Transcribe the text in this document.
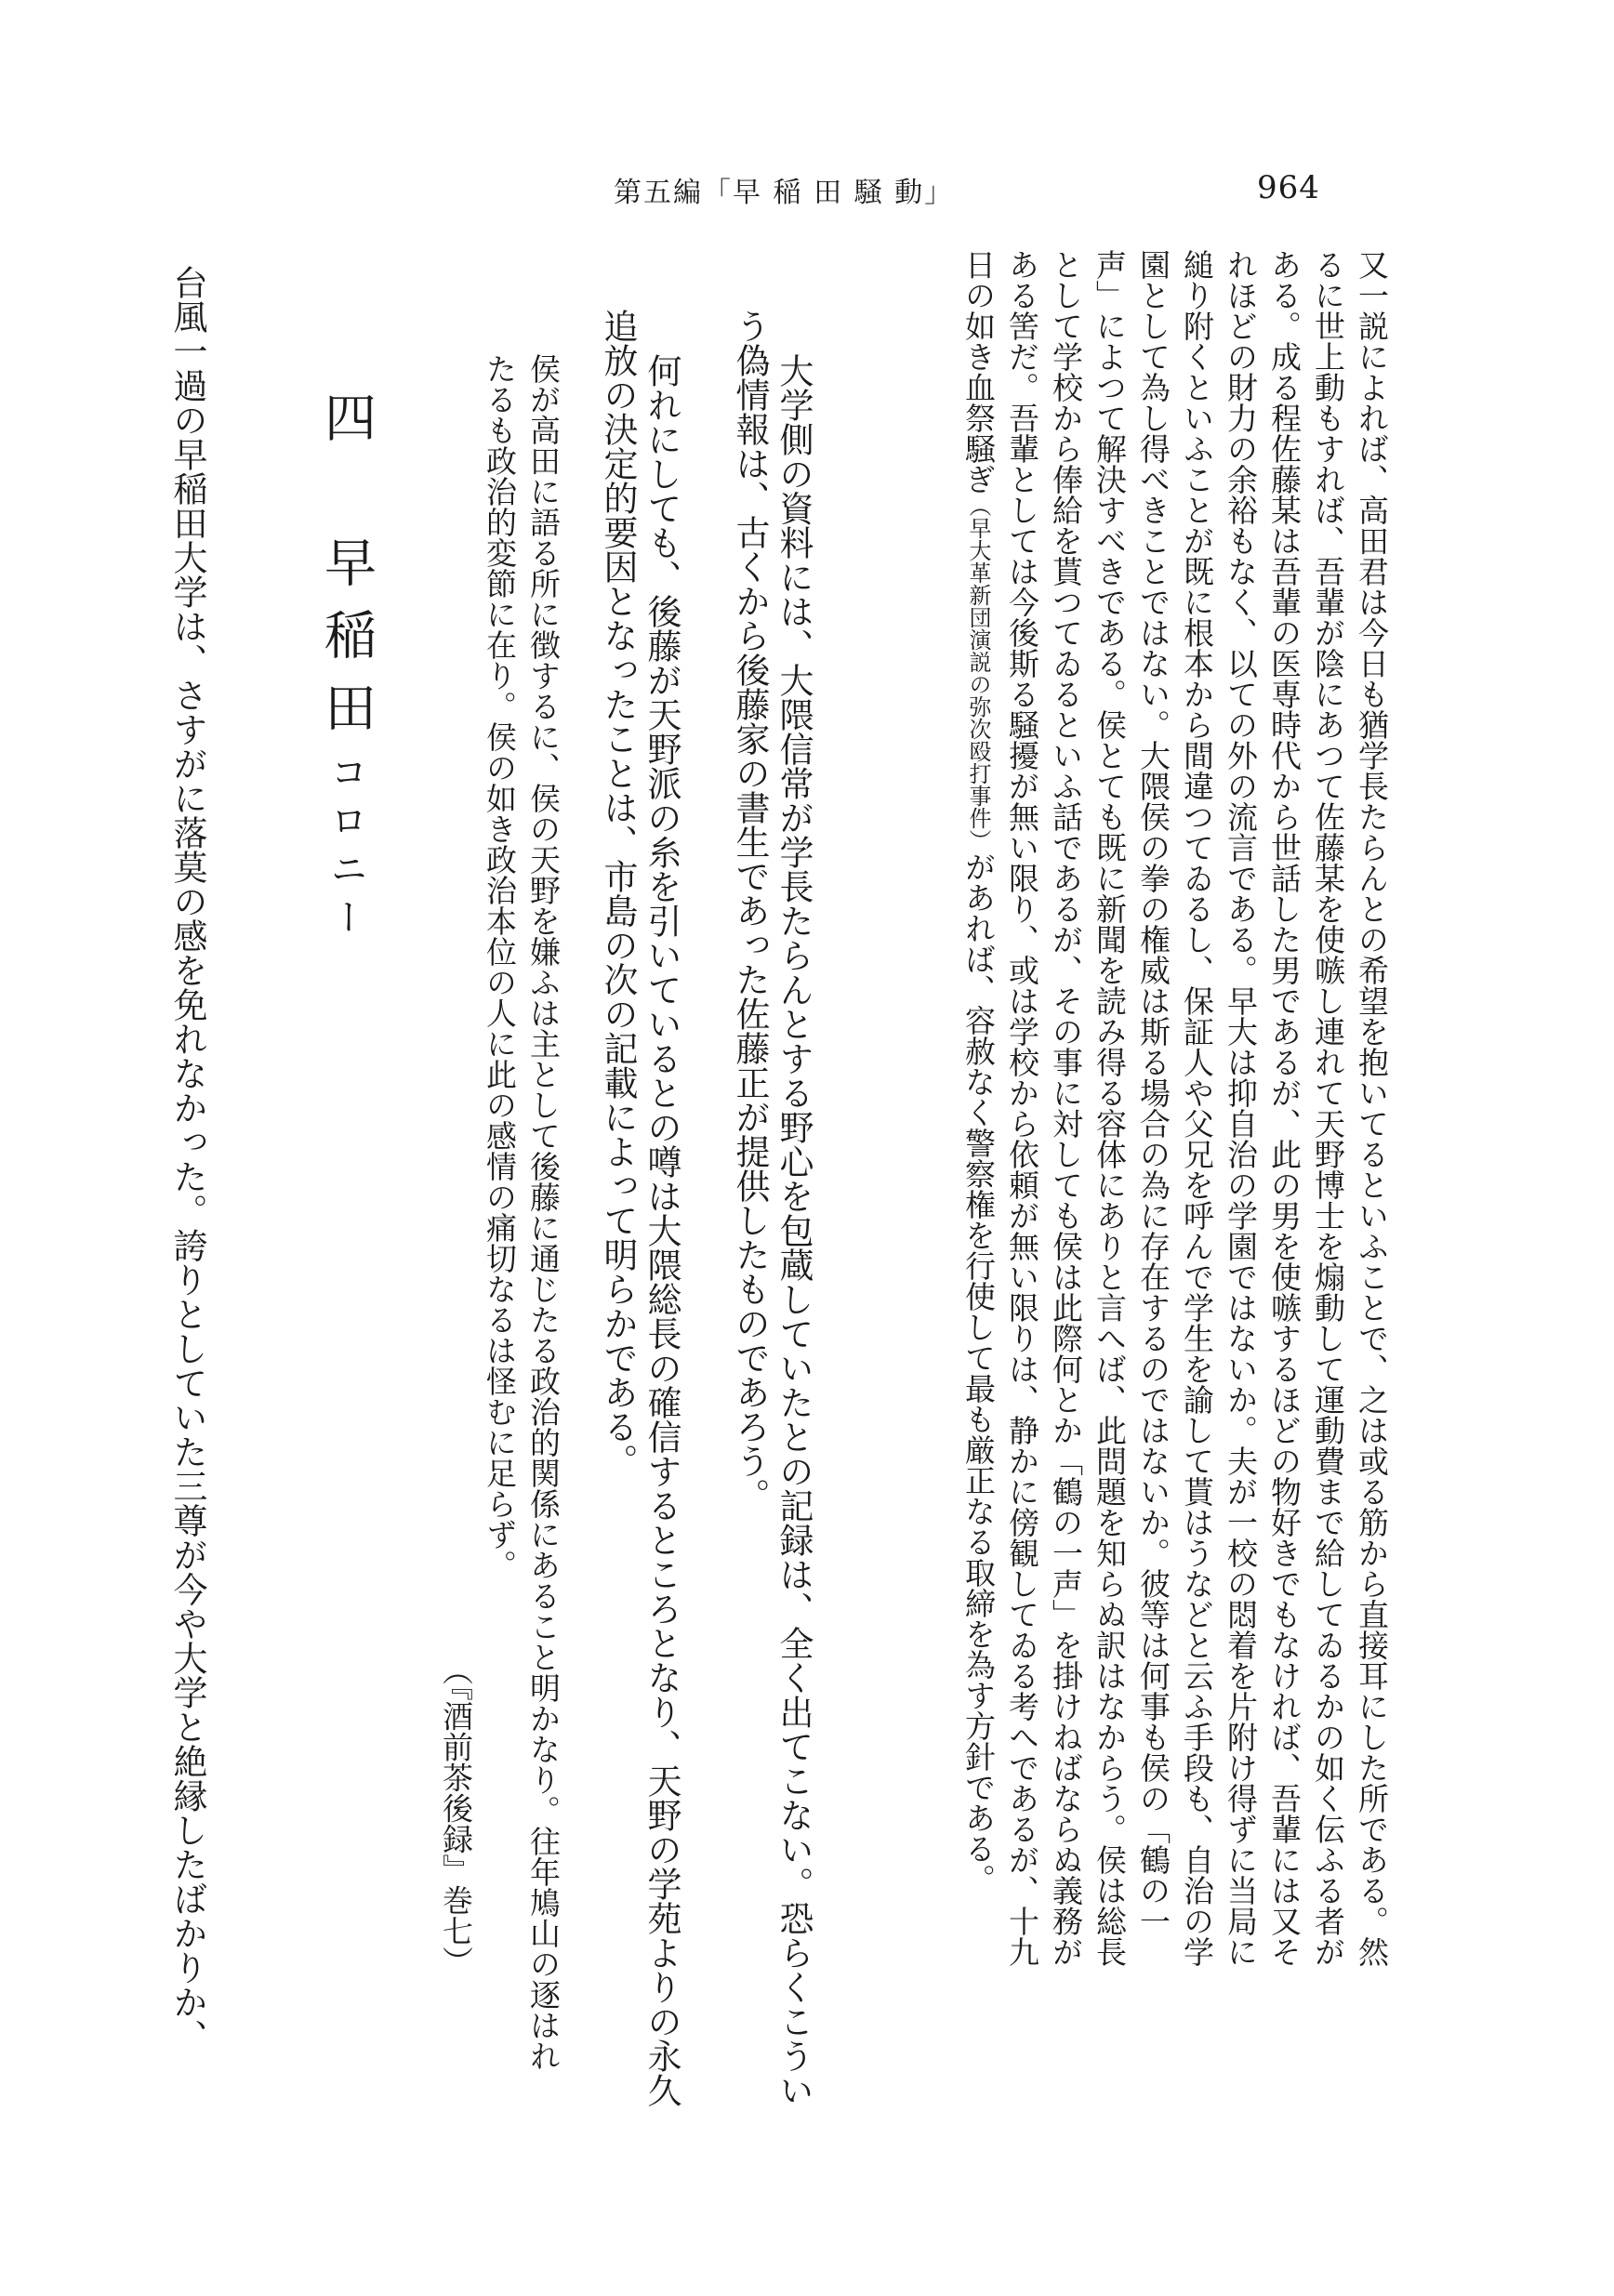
第五編「早 稲 田 騒 動」	964
又一説によれば、高田君は今日も猶学長たらんとの希望を抱いてるといふことで、之は或る筋から直接耳にした所である。然
るに世上動もすれば、吾輩が陰にあつて佐藤某を使嗾し連れて天野博士を煽動して運動費まで給してゐるかの如く伝ふる者が
ある。成る程佐藤某は吾輩の医専時代から世話した男であるが、此の男を使嗾するほどの物好きでもなければ、吾輩には又そ
れほどの財力の余裕もなく、以ての外の流言である。早大は抑自治の学園ではないか。夫が一校の悶着を片附け得ずに当局に
縋り附くといふことが既に根本から間違つてゐるし、保証人や父兄を呼んで学生を諭して貰はうなどと云ふ手段も、自治の学
園として為し得べきことではない。大隈侯の拳の権威は斯る場合の為に存在するのではないか。彼等は何事も侯の「鶴の一
声」によつて解決すべきである。侯とても既に新聞を読み得る容体にありと言へば、此問題を知らぬ訳はなからう。侯は総長
として学校から俸給を貰つてゐるといふ話であるが、その事に対しても侯は此際何とか「鶴の一声」を掛けねばならぬ義務が
ある筈だ。吾輩としては今後斯る騒擾が無い限り、或は学校から依頼が無い限りは、静かに傍観してゐる考へであるが、十九
日の如き血祭騒ぎ（早大革新団演説の弥次殴打事件）があれば、容赦なく警察権を行使して最も厳正なる取締を為す方針である。
大学側の資料には、大隈信常が学長たらんとする野心を包蔵していたとの記録は、全く出てこない。恐らくこうい
う偽情報は、古くから後藤家の書生であった佐藤正が提供したものであろう。
何れにしても、後藤が天野派の糸を引いているとの噂は大隈総長の確信するところとなり、天野の学苑よりの永久
追放の決定的要因となったことは、市島の次の記載によって明らかである。
侯が高田に語る所に徴するに、侯の天野を嫌ふは主として後藤に通じたる政治的関係にあること明かなり。往年鳩山の逐はれ
たるも政治的変節に在り。侯の如き政治本位の人に此の感情の痛切なるは怪むに足らず。
（『酒前茶後録』巻七）
四　早稲田コロニー
台風一過の早稲田大学は、さすがに落莫の感を免れなかった。誇りとしていた三尊が今や大学と絶縁したばかりか、
